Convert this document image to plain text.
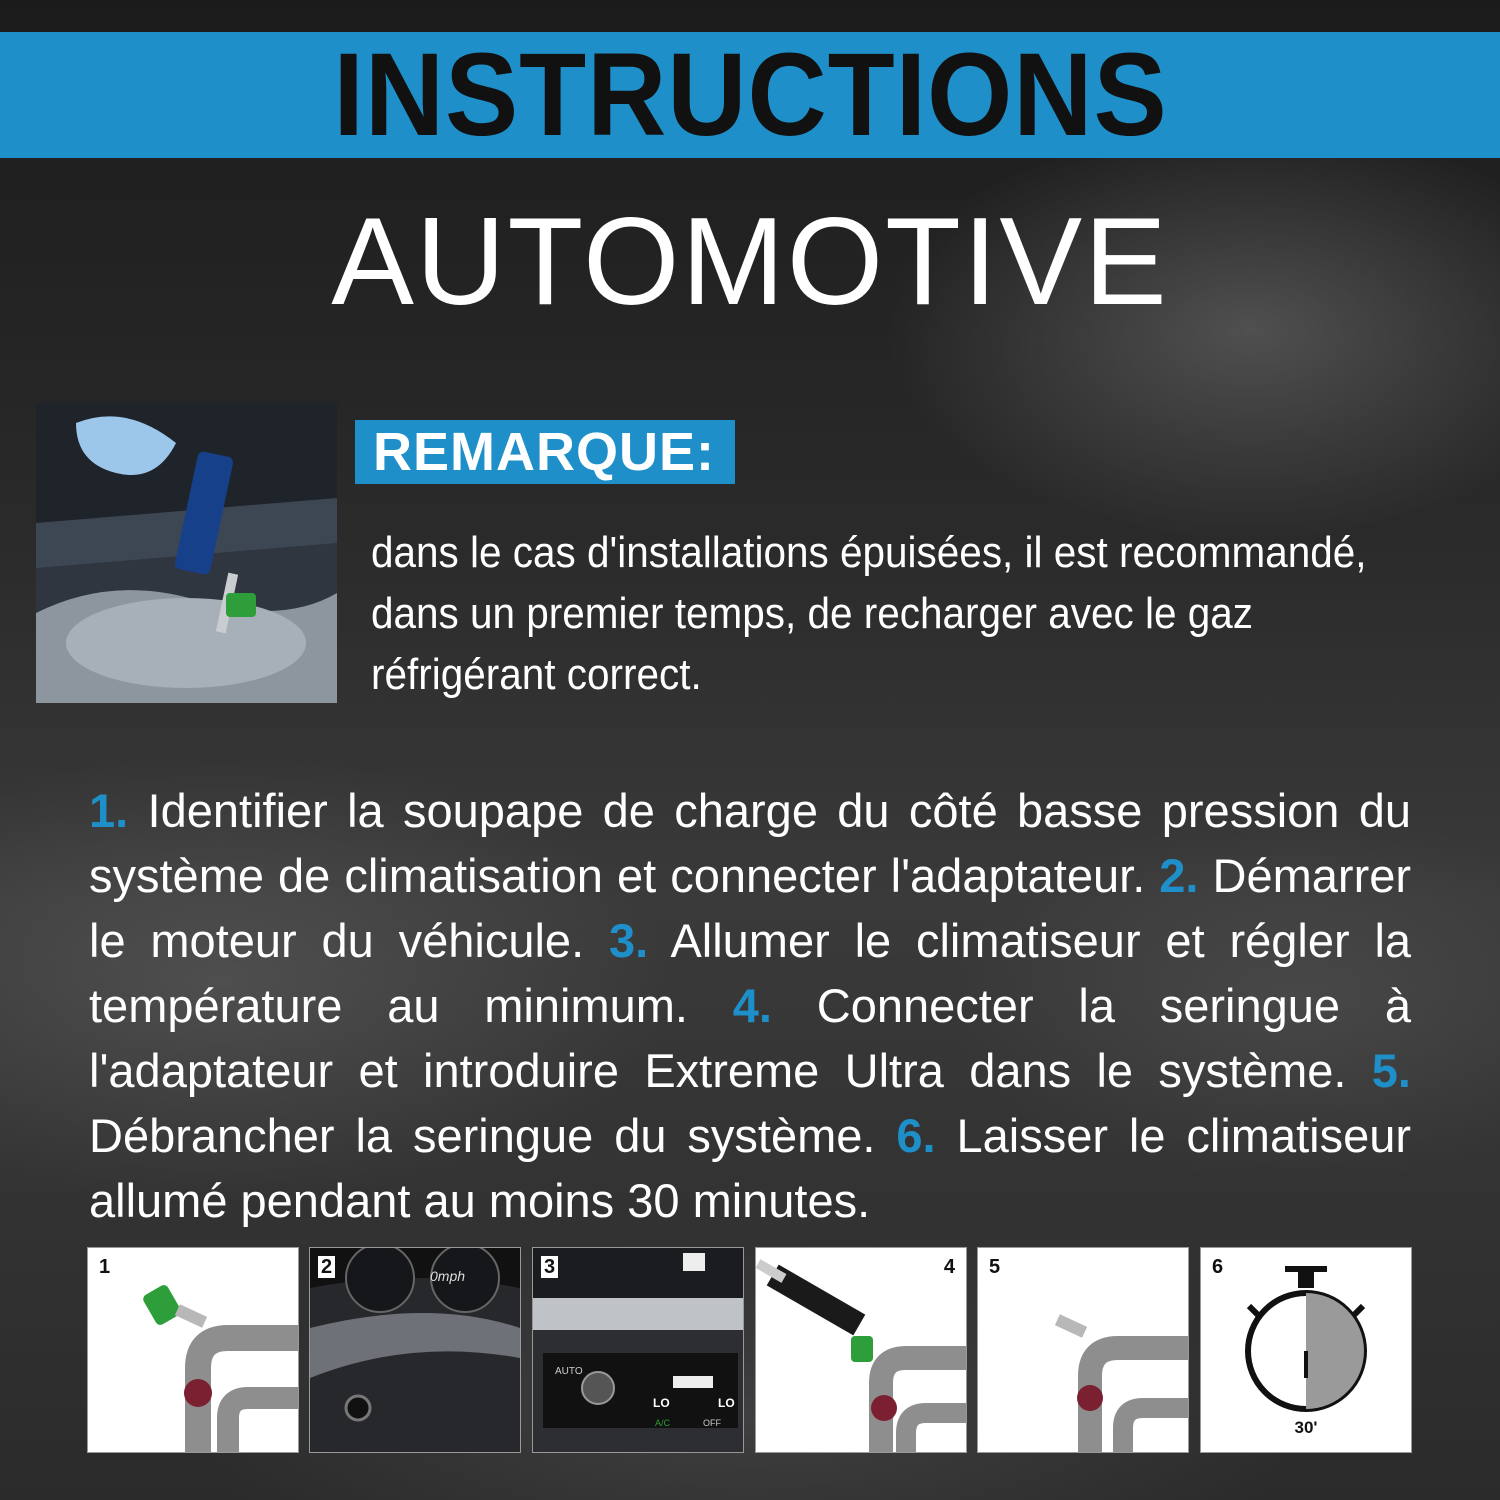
INSTRUCTIONS
AUTOMOTIVE
REMARQUE:
dans le cas d'installations épuisées, il est recommandé, dans un premier temps, de recharger avec le gaz réfrigérant correct.
1. Identifier la soupape de charge du côté basse pression du système de climatisation et connecter l'adaptateur. 2. Démarrer le moteur du véhicule. 3. Allumer le climatiseur et régler la température au minimum. 4. Connecter la seringue à l'adaptateur et introduire Extreme Ultra dans le système. 5. Débrancher la seringue du système. 6. Laisser le climatiseur allumé pendant au moins 30 minutes.
1	2	0mph	3
AUTO
LO	LO
A/C	OFF
4 5	6
30'
